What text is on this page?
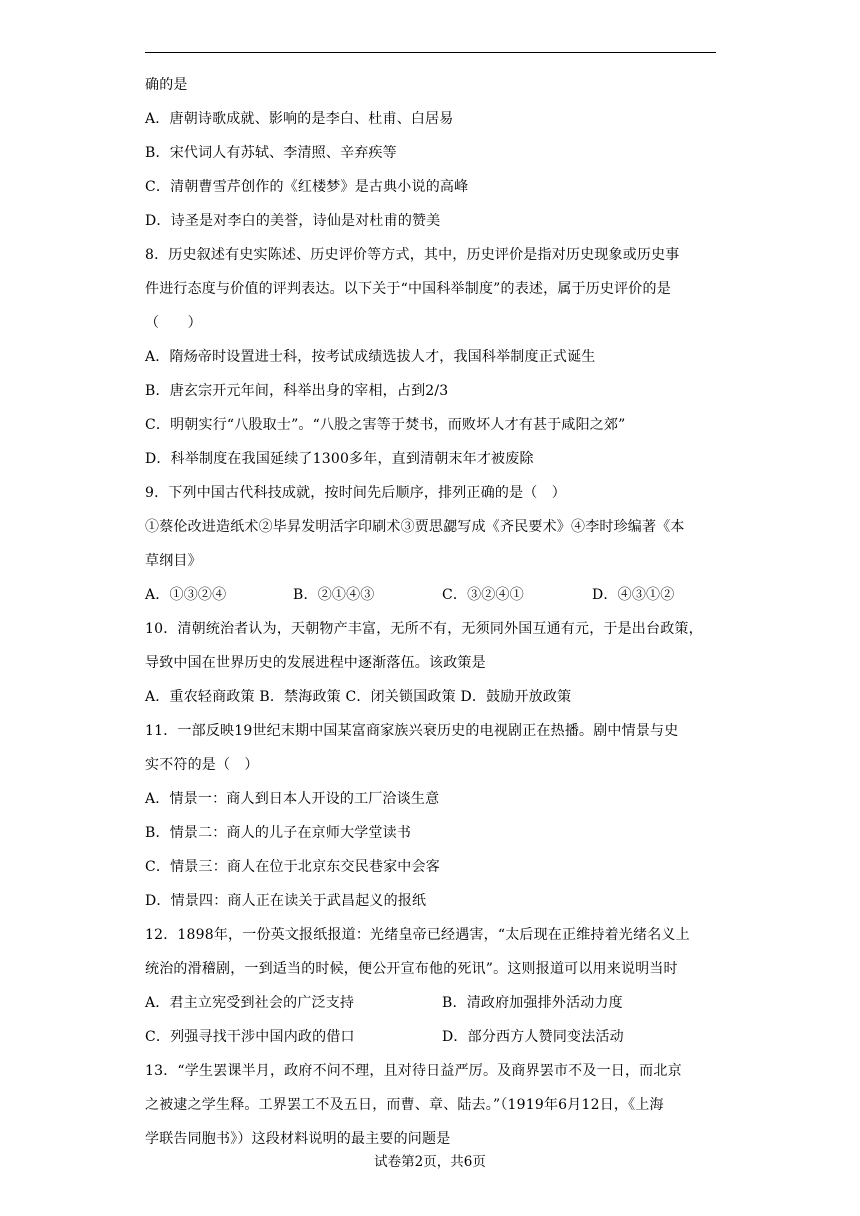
确的是
A．唐朝诗歌成就、影响的是李白、杜甫、白居易
B．宋代词人有苏轼、李清照、辛弃疾等
C．清朝曹雪芹创作的《红楼梦》是古典小说的高峰
D．诗圣是对李白的美誉，诗仙是对杜甫的赞美
8．历史叙述有史实陈述、历史评价等方式，其中，历史评价是指对历史现象或历史事
件进行态度与价值的评判表达。以下关于“中国科举制度”的表述，属于历史评价的是
（　　）
A．隋炀帝时设置进士科，按考试成绩选拔人才，我国科举制度正式诞生
B．唐玄宗开元年间，科举出身的宰相，占到2/3
C．明朝实行“八股取士”。“八股之害等于焚书，而败坏人才有甚于咸阳之郊”
D．科举制度在我国延续了1300多年，直到清朝末年才被废除
9．下列中国古代科技成就，按时间先后顺序，排列正确的是（　）
①蔡伦改进造纸术②毕昇发明活字印刷术③贾思勰写成《齐民要术》④李时珍编著《本
草纲目》
A．①③②④	B．②①④③	C．③②④①	D．④③①②
10．清朝统治者认为，天朝物产丰富，无所不有，无须同外国互通有元，于是出台政策，
导致中国在世界历史的发展进程中逐渐落伍。该政策是
A．重农轻商政策 B．禁海政策 C．闭关锁国政策 D．鼓励开放政策
11．一部反映19世纪末期中国某富商家族兴衰历史的电视剧正在热播。剧中情景与史
实不符的是（　）
A．情景一：商人到日本人开设的工厂洽谈生意
B．情景二：商人的儿子在京师大学堂读书
C．情景三：商人在位于北京东交民巷家中会客
D．情景四：商人正在读关于武昌起义的报纸
12．1898年，一份英文报纸报道：光绪皇帝已经遇害，“太后现在正维持着光绪名义上
统治的滑稽剧，一到适当的时候，便公开宣布他的死讯”。这则报道可以用来说明当时
A．君主立宪受到社会的广泛支持	B．清政府加强排外活动力度
C．列强寻找干涉中国内政的借口	D．部分西方人赞同变法活动
13．“学生罢课半月，政府不问不理，且对待日益严厉。及商界罢市不及一日，而北京
之被逮之学生释。工界罢工不及五日，而曹、章、陆去。”（1919年6月12日，《上海
学联告同胞书》）这段材料说明的最主要的问题是
试卷第2页，共6页
